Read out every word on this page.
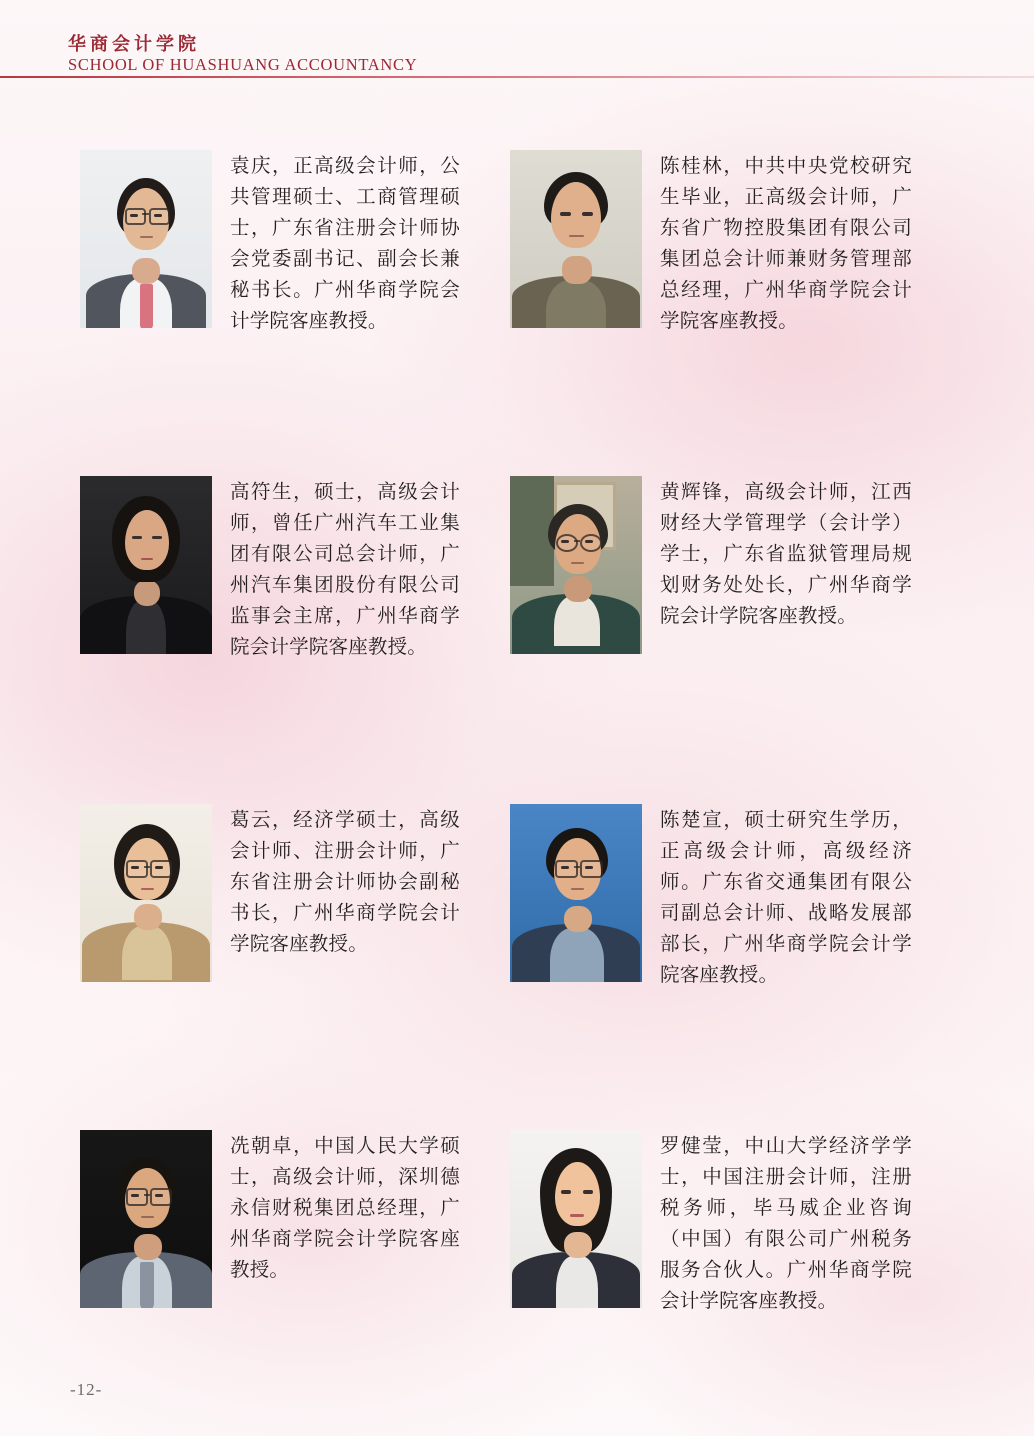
华商会计学院
SCHOOL OF HUASHUANG ACCOUNTANCY
袁庆，正高级会计师，公共管理硕士、工商管理硕士，广东省注册会计师协会党委副书记、副会长兼秘书长。广州华商学院会计学院客座教授。
陈桂林，中共中央党校研究生毕业，正高级会计师，广东省广物控股集团有限公司集团总会计师兼财务管理部总经理，广州华商学院会计学院客座教授。
高符生，硕士，高级会计师，曾任广州汽车工业集团有限公司总会计师，广州汽车集团股份有限公司监事会主席，广州华商学院会计学院客座教授。
黄辉锋，高级会计师，江西财经大学管理学（会计学）学士，广东省监狱管理局规划财务处处长，广州华商学院会计学院客座教授。
葛云，经济学硕士，高级会计师、注册会计师，广东省注册会计师协会副秘书长，广州华商学院会计学院客座教授。
陈楚宣，硕士研究生学历，正高级会计师，高级经济师。广东省交通集团有限公司副总会计师、战略发展部部长，广州华商学院会计学院客座教授。
冼朝卓，中国人民大学硕士，高级会计师，深圳德永信财税集团总经理，广州华商学院会计学院客座教授。
罗健莹，中山大学经济学学士，中国注册会计师，注册税务师，毕马威企业咨询（中国）有限公司广州税务服务合伙人。广州华商学院会计学院客座教授。
-12-
